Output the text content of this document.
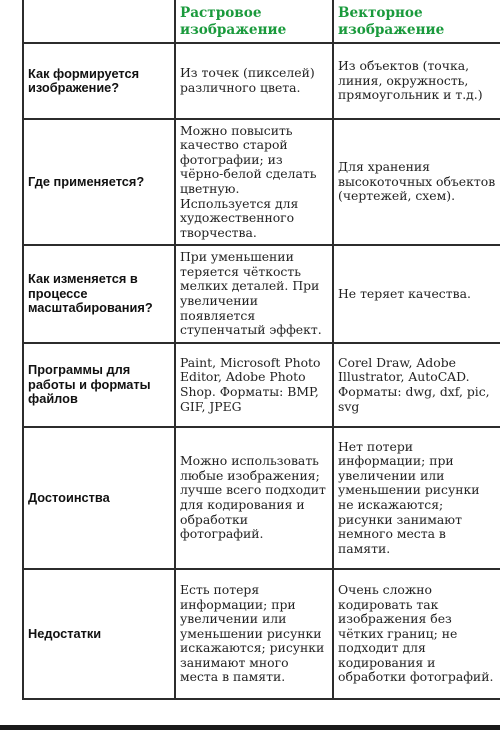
	Растровое изображение	Векторное изображение
Как формируется изображение?	Из точек (пикселей) различного цвета.	Из объектов (точка, линия, окружность, прямоугольник и т.д.)
Где применяется?	Можно повысить качество старой фотографии; из чёрно-белой сделать цветную. Используется для художественного творчества.	Для хранения высокоточных объектов (чертежей, схем).
Как изменяется в процессе масштабирования?	При уменьшении теряется чёткость мелких деталей. При увеличении появляется ступенчатый эффект.	Не теряет качества.
Программы для работы и форматы файлов	Paint, Microsoft Photo Editor, Adobe Photo Shop. Форматы: BMP, GIF, JPEG	Corel Draw, Adobe Illustrator, AutoCAD. Форматы: dwg, dxf, pic, svg
Достоинства	Можно использовать любые изображения; лучше всего подходит для кодирования и обработки фотографий.	Нет потери информации; при увеличении или уменьшении рисунки не искажаются; рисунки занимают немного места в памяти.
Недостатки	Есть потеря информации; при увеличении или уменьшении рисунки искажаются; рисунки занимают много места в памяти.	Очень сложно кодировать так изображения без чётких границ; не подходит для кодирования и обработки фотографий.
